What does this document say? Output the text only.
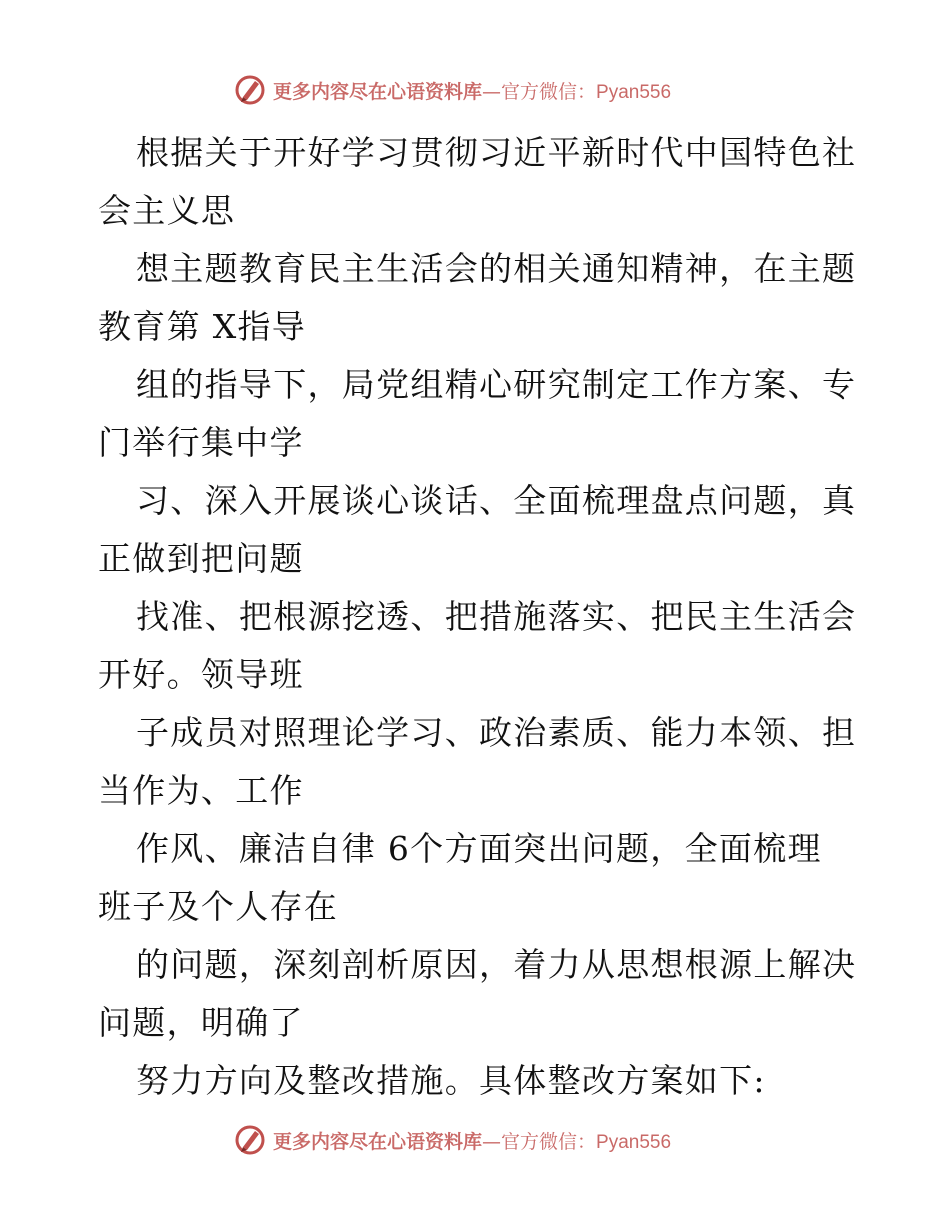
更多内容尽在心语资料库—官方微信：Pyan556
根据关于开好学习贯彻习近平新时代中国特色社
会主义思
想主题教育民主生活会的相关通知精神，在主题
教育第 X指导
组的指导下，局党组精心研究制定工作方案、专
门举行集中学
习、深入开展谈心谈话、全面梳理盘点问题，真
正做到把问题
找准、把根源挖透、把措施落实、把民主生活会
开好。领导班
子成员对照理论学习、政治素质、能力本领、担
当作为、工作
作风、廉洁自律 6个方面突出问题，全面梳理
班子及个人存在
的问题，深刻剖析原因，着力从思想根源上解决
问题，明确了
努力方向及整改措施。具体整改方案如下:
更多内容尽在心语资料库—官方微信：Pyan556
